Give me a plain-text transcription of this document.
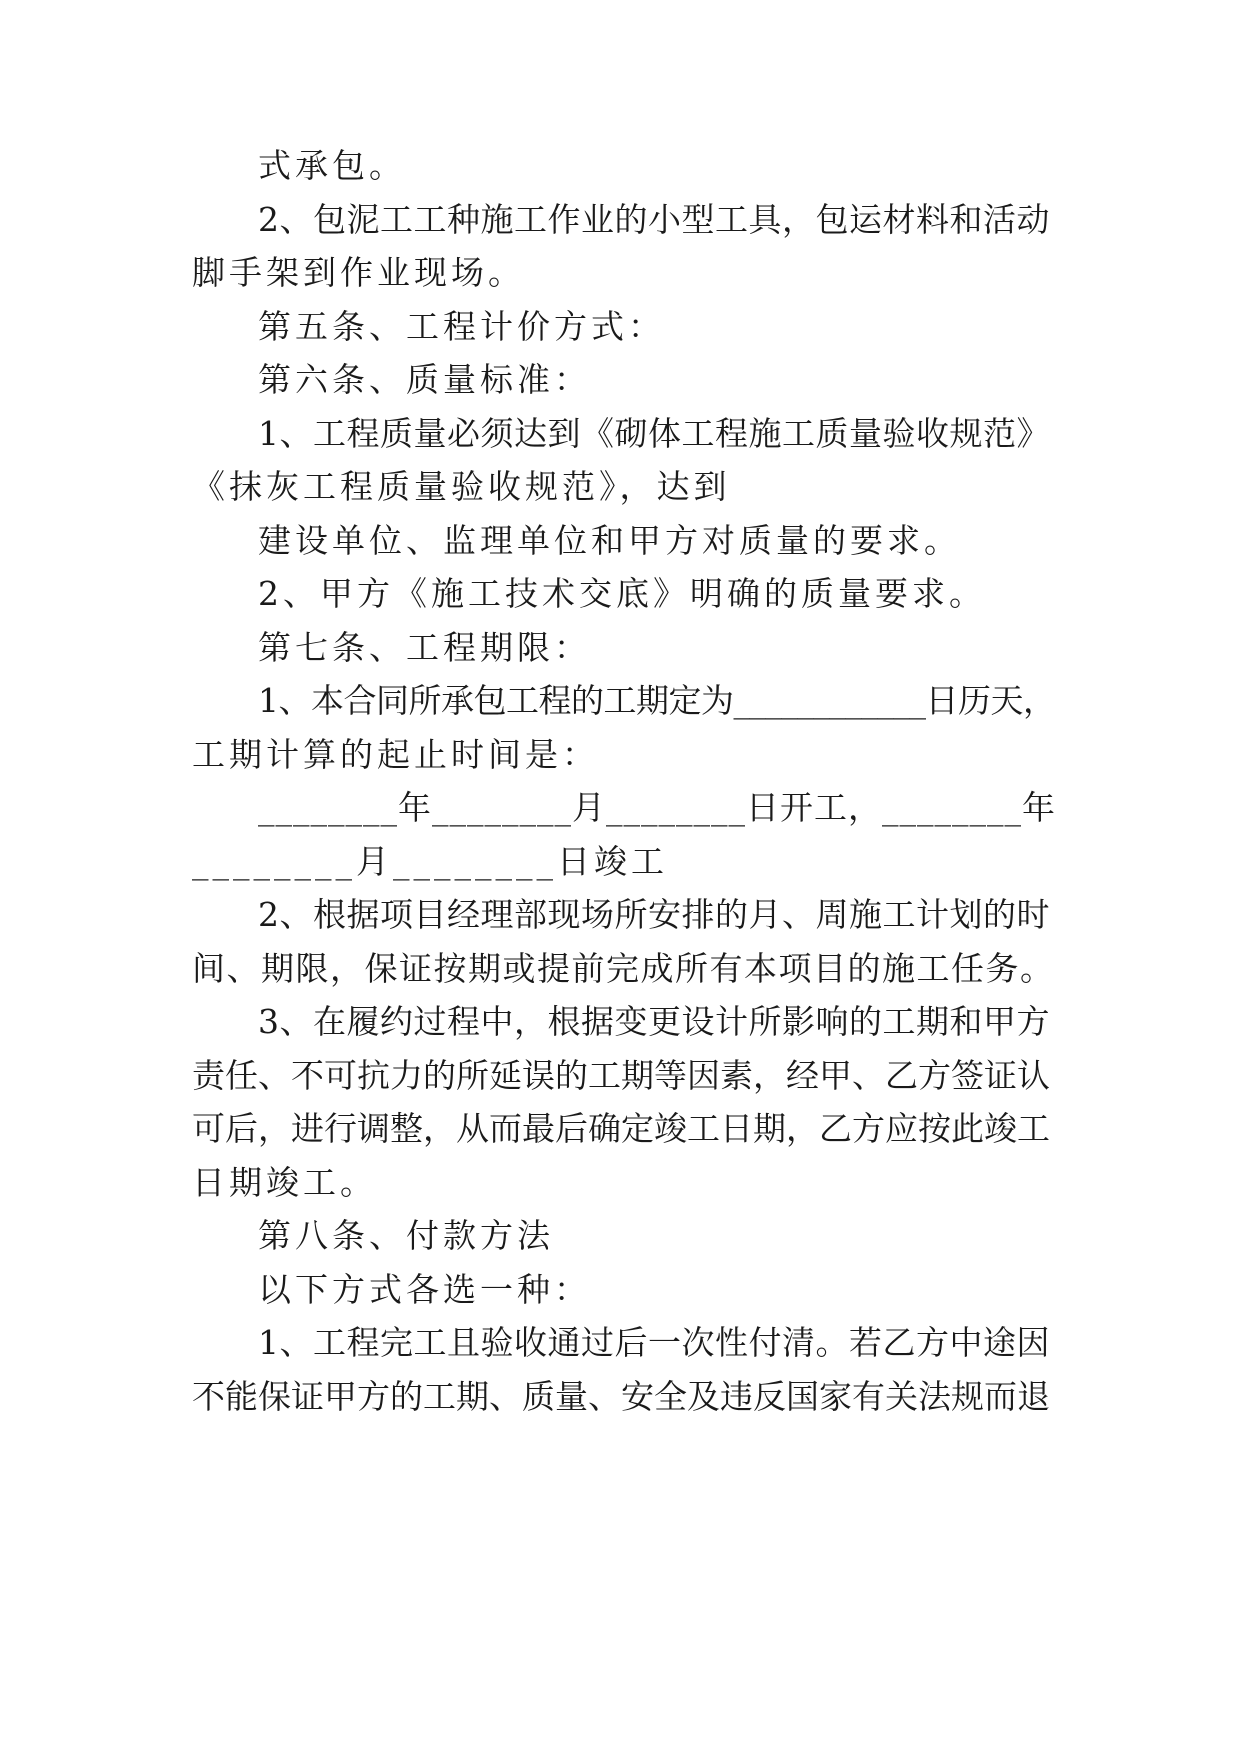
式承包。
2、包泥工工种施工作业的小型工具，包运材料和活动
脚手架到作业现场。
第五条、工程计价方式：
第六条、质量标准：
1、工程质量必须达到《砌体工程施工质量验收规范》
《抹灰工程质量验收规范》，达到
建设单位、监理单位和甲方对质量的要求。
2、甲方《施工技术交底》明确的质量要求。
第七条、工程期限：
1、本合同所承包工程的工期定为____________日历天，
工期计算的起止时间是：
________年________月________日开工，________年
________月________日竣工
2、根据项目经理部现场所安排的月、周施工计划的时
间、期限，保证按期或提前完成所有本项目的施工任务。
3、在履约过程中，根据变更设计所影响的工期和甲方
责任、不可抗力的所延误的工期等因素，经甲、乙方签证认
可后，进行调整，从而最后确定竣工日期，乙方应按此竣工
日期竣工。
第八条、付款方法
以下方式各选一种：
1、工程完工且验收通过后一次性付清。若乙方中途因
不能保证甲方的工期、质量、安全及违反国家有关法规而退
